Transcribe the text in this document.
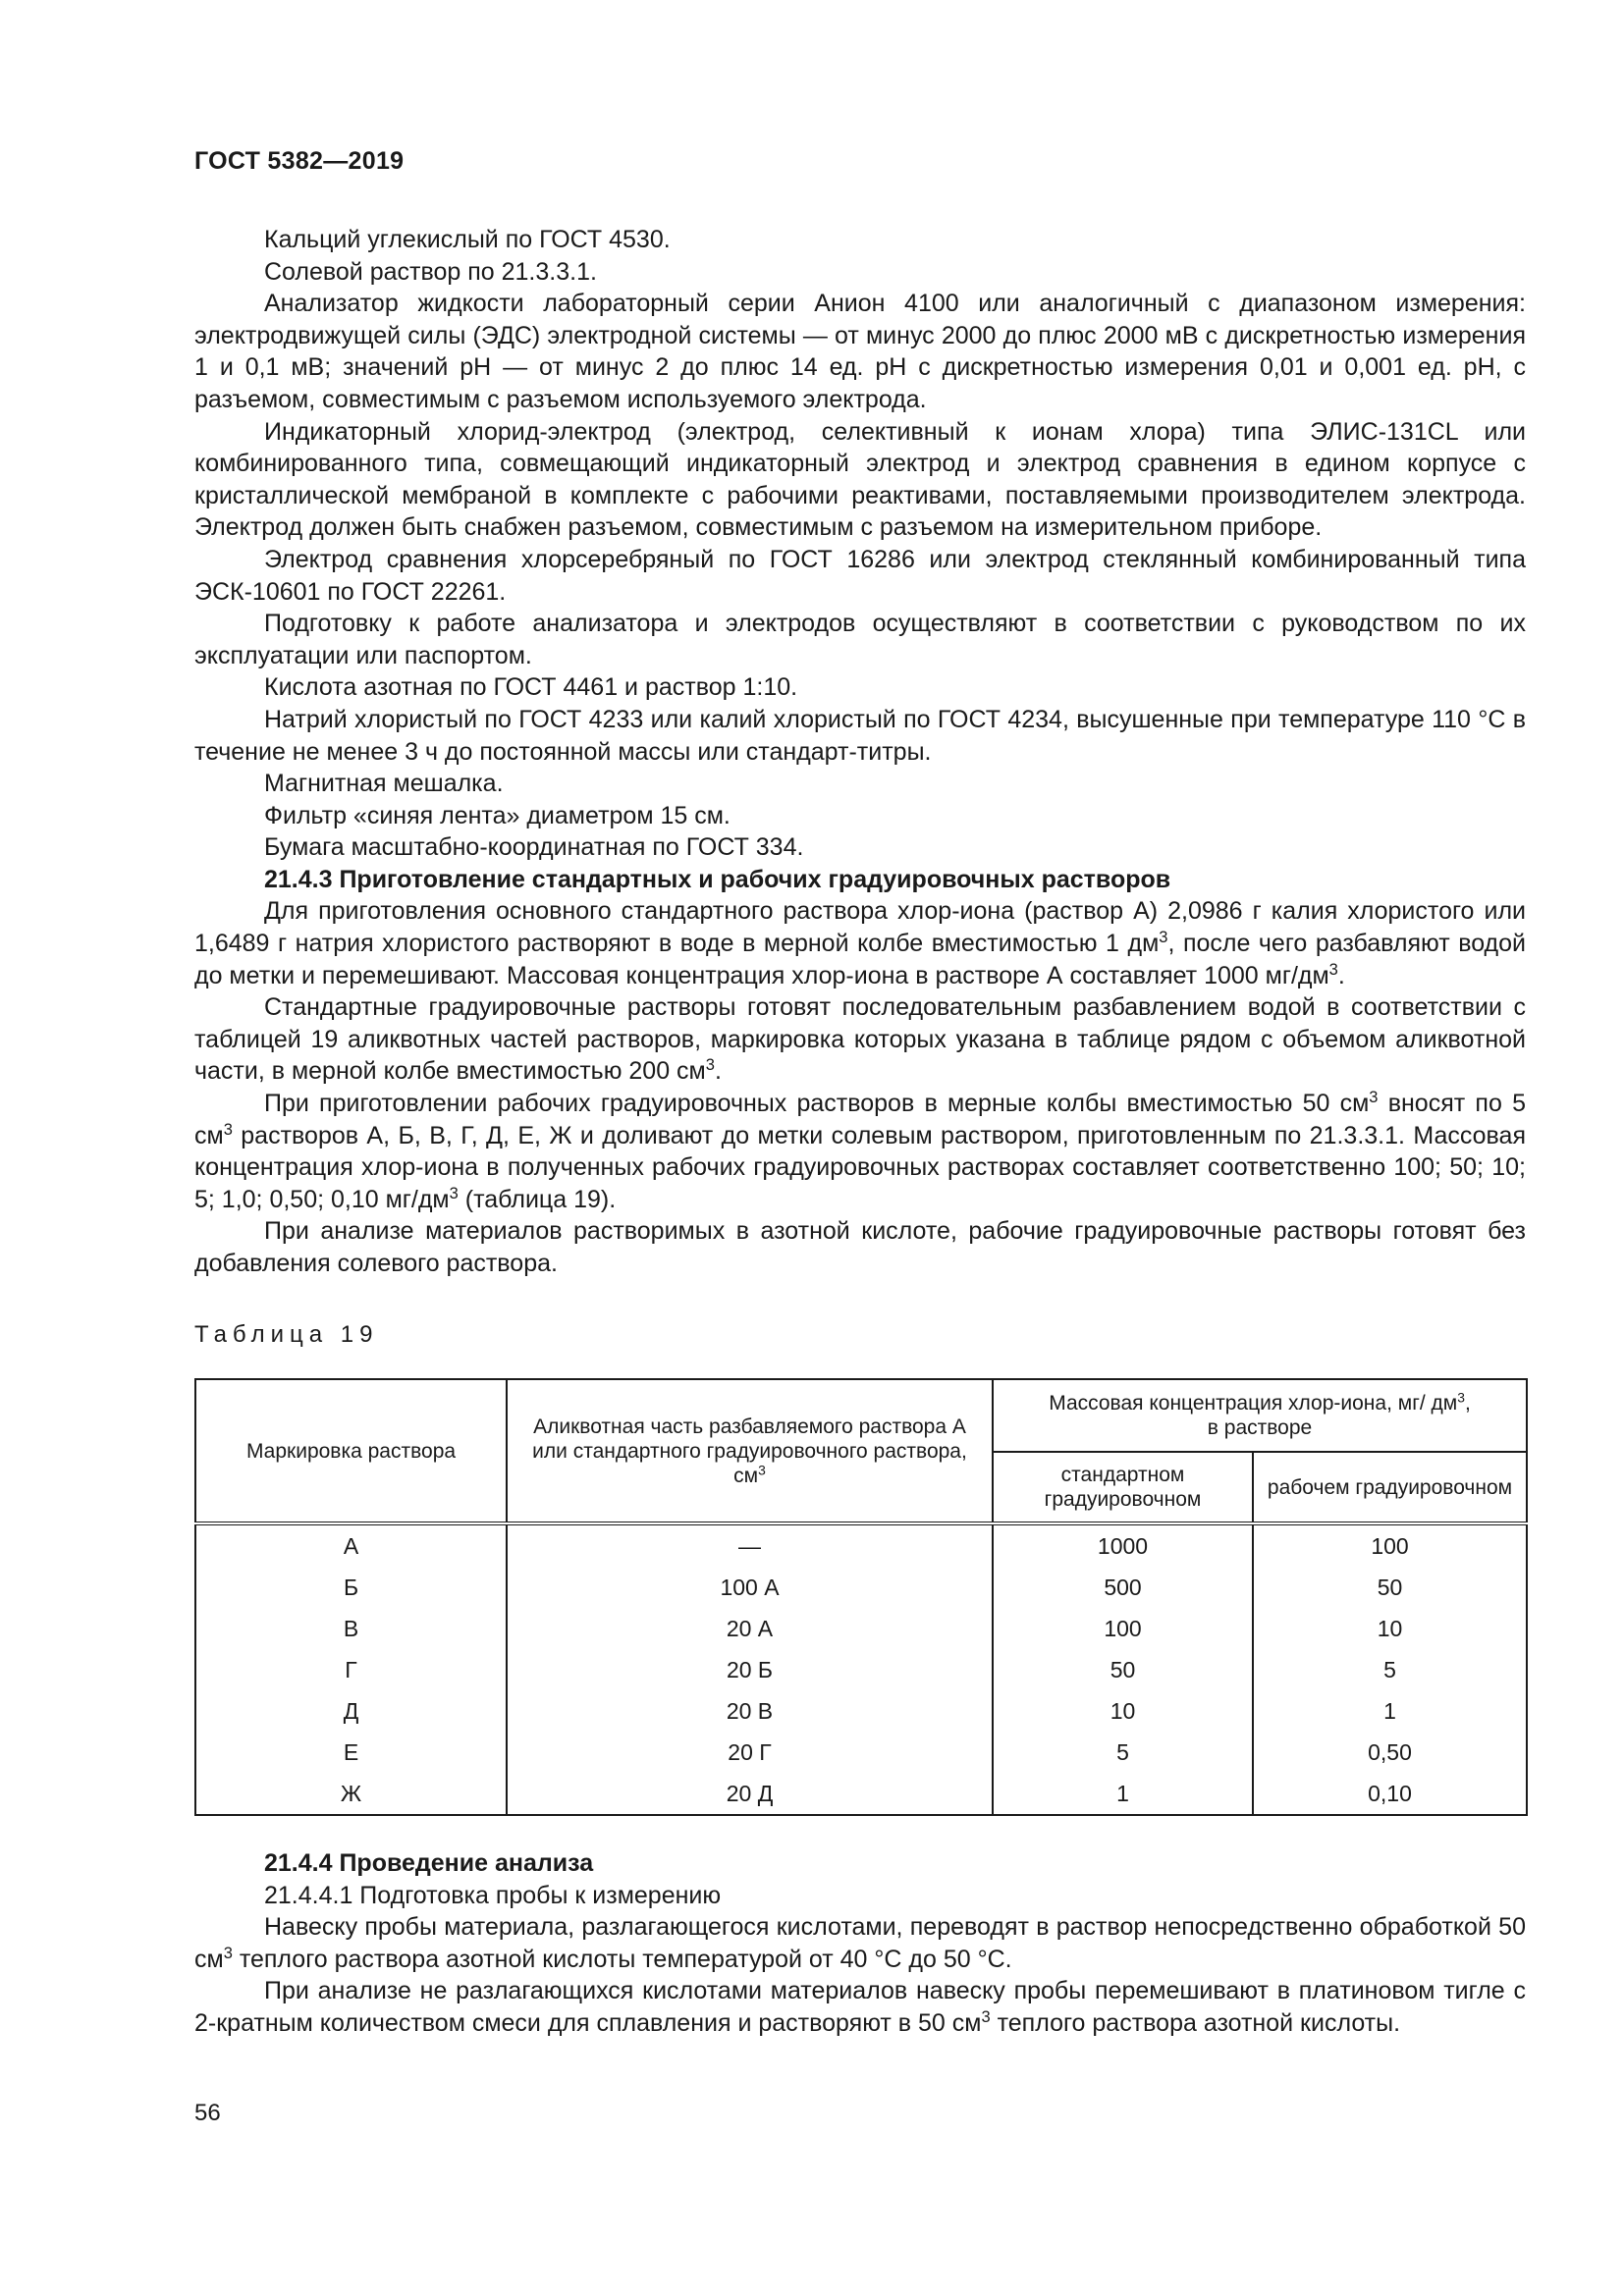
ГОСТ 5382—2019

Кальций углекислый по ГОСТ 4530.

Солевой раствор по 21.3.3.1.

Анализатор жидкости лабораторный серии Анион 4100 или аналогичный с диапазоном измерения: электродвижущей силы (ЭДС) электродной системы — от минус 2000 до плюс 2000 мВ с дискретностью измерения 1 и 0,1 мВ; значений pH — от минус 2 до плюс 14 ед. pH с дискретностью измерения 0,01 и 0,001 ед. pH, с разъемом, совместимым с разъемом используемого электрода.

Индикаторный хлорид-электрод (электрод, селективный к ионам хлора) типа ЭЛИС-131CL или комбинированного типа, совмещающий индикаторный электрод и электрод сравнения в едином корпусе с кристаллической мембраной в комплекте с рабочими реактивами, поставляемыми производителем электрода. Электрод должен быть снабжен разъемом, совместимым с разъемом на измерительном приборе.

Электрод сравнения хлорсеребряный по ГОСТ 16286 или электрод стеклянный комбинированный типа ЭСК-10601 по ГОСТ 22261.

Подготовку к работе анализатора и электродов осуществляют в соответствии с руководством по их эксплуатации или паспортом.

Кислота азотная по ГОСТ 4461 и раствор 1:10.

Натрий хлористый по ГОСТ 4233 или калий хлористый по ГОСТ 4234, высушенные при температуре 110 °С в течение не менее 3 ч до постоянной массы или стандарт-титры.

Магнитная мешалка.

Фильтр «синяя лента» диаметром 15 см.

Бумага масштабно-координатная по ГОСТ 334.

21.4.3 Приготовление стандартных и рабочих градуировочных растворов

Для приготовления основного стандартного раствора хлор-иона (раствор А) 2,0986 г калия хлористого или 1,6489 г натрия хлористого растворяют в воде в мерной колбе вместимостью 1 $дм^3$, после чего разбавляют водой до метки и перемешивают. Массовая концентрация хлор-иона в растворе А составляет 1000 $мг/дм^3$.

Стандартные градуировочные растворы готовят последовательным разбавлением водой в соответствии с таблицей 19 аликвотных частей растворов, маркировка которых указана в таблице рядом с объемом аликвотной части, в мерной колбе вместимостью 200 $см^3$.

При приготовлении рабочих градуировочных растворов в мерные колбы вместимостью 50 $см^3$ вносят по 5 $см^3$ растворов А, Б, В, Г, Д, Е, Ж и доливают до метки солевым раствором, приготовленным по 21.3.3.1. Массовая концентрация хлор-иона в полученных рабочих градуировочных растворах составляет соответственно 100; 50; 10; 5; 1,0; 0,50; 0,10 $мг/дм^3$ (таблица 19).

При анализе материалов растворимых в азотной кислоте, рабочие градуировочные растворы готовят без добавления солевого раствора.

Таблица 19
Маркировка раствора	Аликвотная часть разбавляемого раствора А или стандартного градуировочного раствора, $см^3$	Массовая концентрация хлор-иона, мг/ $дм^3$,
в растворе	
		стандартном градуировочном	рабочем градуировочном
А	—	1000	100
Б	100 А	500	50
В	20 А	100	10
Г	20 Б	50	5
Д	20 В	10	1
Е	20 Г	5	0,50
Ж	20 Д	1	0,10

21.4.4 Проведение анализа

21.4.4.1 Подготовка пробы к измерению

Навеску пробы материала, разлагающегося кислотами, переводят в раствор непосредственно обработкой 50 $см^3$ теплого раствора азотной кислоты температурой от 40 °С до 50 °С.

При анализе не разлагающихся кислотами материалов навеску пробы перемешивают в платиновом тигле с 2-кратным количеством смеси для сплавления и растворяют в 50 $см^3$ теплого раствора азотной кислоты.

56
